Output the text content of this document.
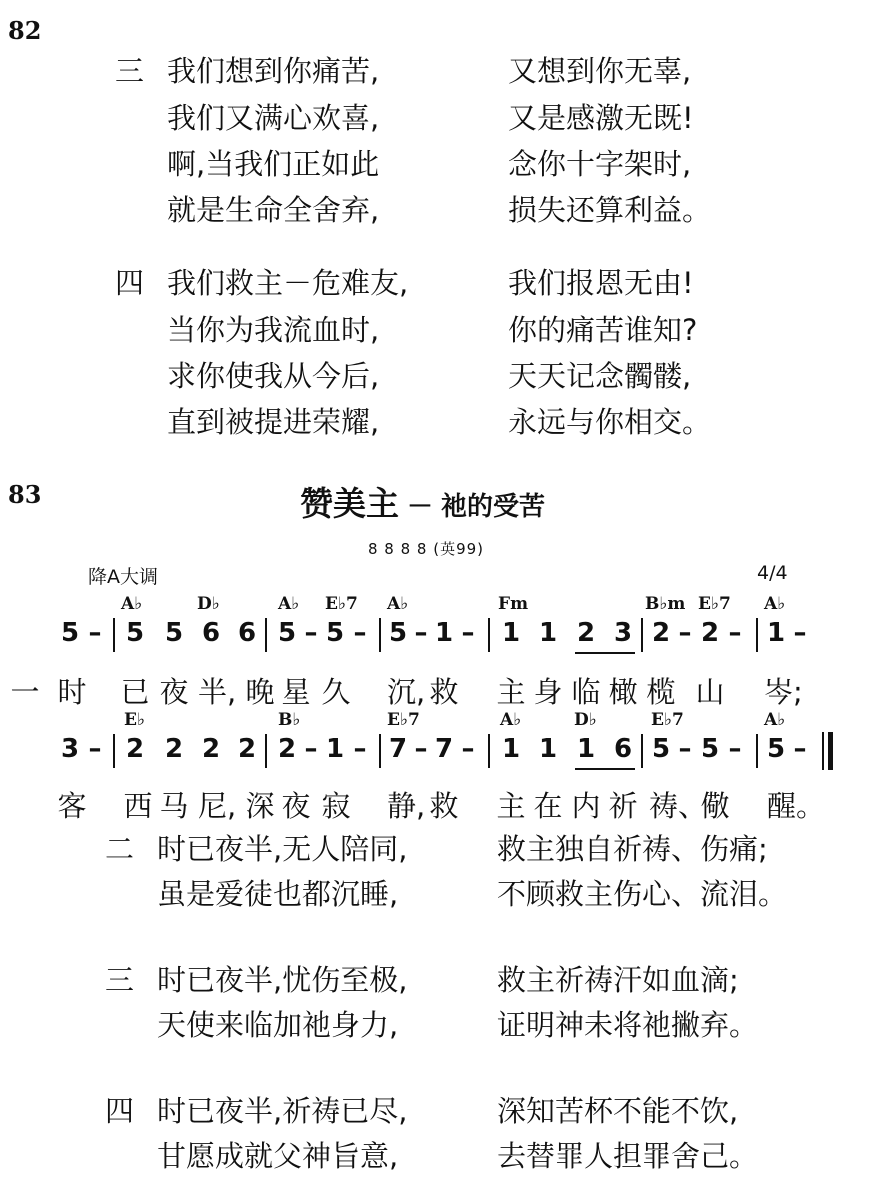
82
三 我们想到你痛苦,	又想到你无辜,
我们又满心欢喜,	又是感激无既!
啊,当我们正如此	念你十字架时,
就是生命全舍弃,	损失还算利益。
四 我们救主－危难友,	我们报恩无由!
当你为我流血时,	你的痛苦谁知?
求你使我从今后,	天天记念髑髅,
直到被提进荣耀,	永远与你相交。
83	赞美主 － 祂的受苦
8 8 8 8 (英99)
降A大调	4/4
A♭	D♭	A♭ E♭7 A♭	Fm	B♭m E♭7 A♭
5 – 5 5 6 6 5 – 5 – 5 – 1 – 1 1 2 3 2 – 2 – 1 –
一 时 已 夜 半, 晚 星 久 沉, 救 主 身 临 橄 榄 山 岑;
E♭	B♭	E♭7	A♭	D♭	E♭7	A♭
3 – 2 2 2 2 2 – 1 – 7 – 7 – 1 1 1 6 5 – 5 – 5 –
客 西 马 尼, 深 夜 寂 静, 救 主 在 内 祈 祷、
儆 醒。
二 时已夜半,无人陪同,	救主独自祈祷、伤痛;
虽是爱徒也都沉睡,	不顾救主伤心、流泪。
三 时已夜半,忧伤至极,	救主祈祷汗如血滴;
天使来临加祂身力,	证明神未将祂撇弃。
四 时已夜半,祈祷已尽,	深知苦杯不能不饮,
甘愿成就父神旨意,	去替罪人担罪舍己。
